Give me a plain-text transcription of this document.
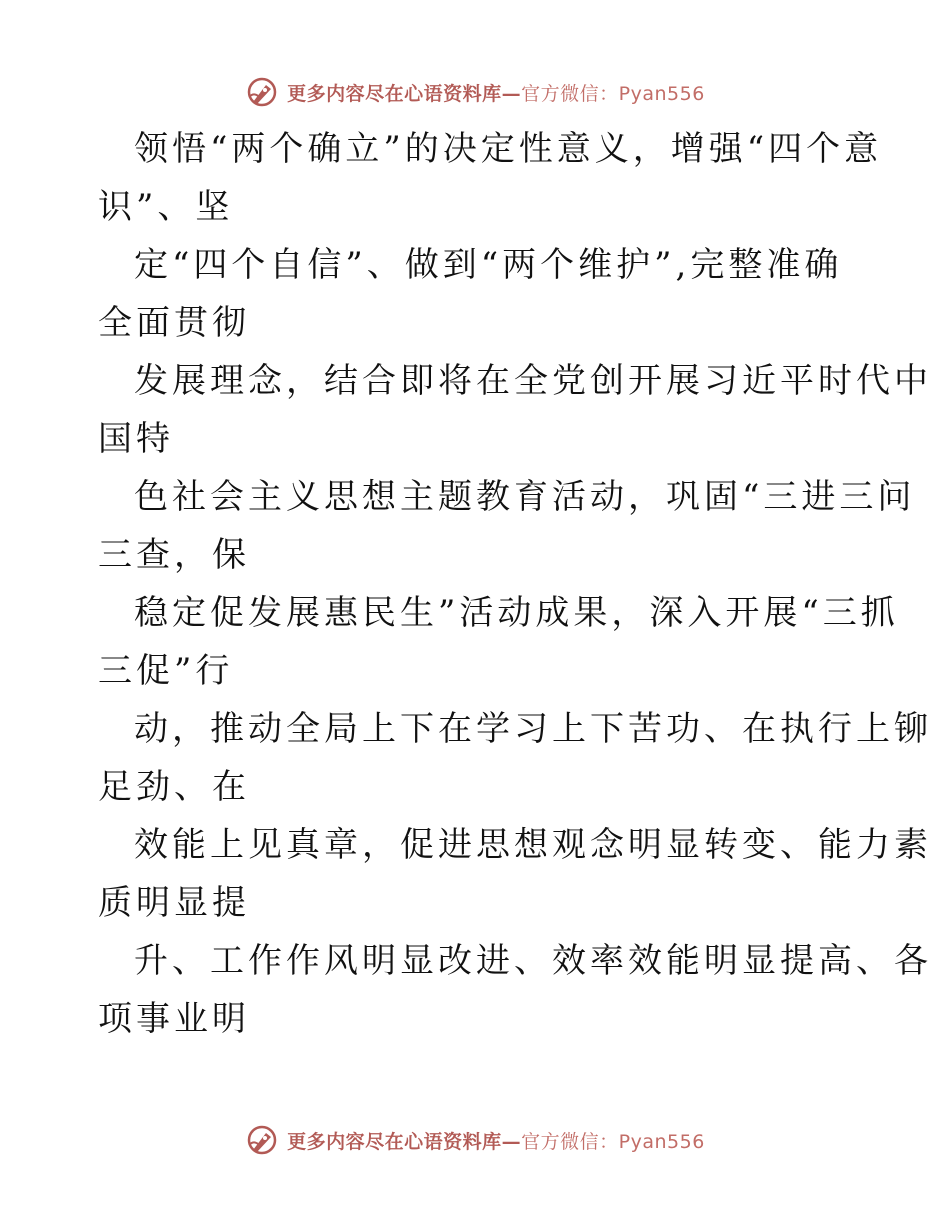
更多内容尽在心语资料库—官方微信：Pyan556

领悟“两个确立”的决定性意义，增强“四个意
识”、坚

定“四个自信”、做到“两个维护”,完整准确
全面贯彻

发展理念，结合即将在全党创开展习近平时代中
国特

色社会主义思想主题教育活动，巩固“三进三问
三查，保

稳定促发展惠民生”活动成果，深入开展“三抓
三促”行

动，推动全局上下在学习上下苦功、在执行上铆
足劲、在

效能上见真章，促进思想观念明显转变、能力素
质明显提

升、工作作风明显改进、效率效能明显提高、各
项事业明

更多内容尽在心语资料库—官方微信：Pyan556
